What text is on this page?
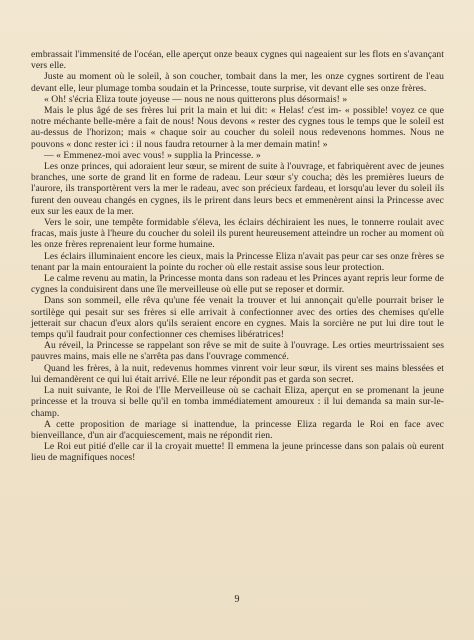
embrassait l'immensité de l'océan, elle aperçut onze beaux cygnes qui nageaient sur les flots en s'avançant vers elle.

Juste au moment où le soleil, à son coucher, tombait dans la mer, les onze cygnes sortirent de l'eau devant elle, leur plumage tomba soudain et la Princesse, toute surprise, vit devant elle ses onze frères.

« Oh! s'écria Eliza toute joyeuse — nous ne nous quitterons plus désormais! »

Mais le plus âgé de ses frères lui prit la main et lui dit: « Helas! c'est im- « possible! voyez ce que notre méchante belle-mère a fait de nous! Nous devons « rester des cygnes tous le temps que le soleil est au-dessus de l'horizon; mais « chaque soir au coucher du soleil nous redevenons hommes. Nous ne pouvons « donc rester ici : il nous faudra retourner à la mer demain matin! »

— « Emmenez-moi avec vous! » supplia la Princesse. »

Les onze princes, qui adoraient leur sœur, se mirent de suite à l'ouvrage, et fabriquèrent avec de jeunes branches, une sorte de grand lit en forme de radeau. Leur sœur s'y coucha; dès les premières lueurs de l'aurore, ils transportèrent vers la mer le radeau, avec son précieux fardeau, et lorsqu'au lever du soleil ils furent den ouveau changés en cygnes, ils le prirent dans leurs becs et emmenèrent ainsi la Princesse avec eux sur les eaux de la mer.

Vers le soir, une tempête formidable s'éleva, les éclairs déchiraient les nues, le tonnerre roulait avec fracas, mais juste à l'heure du coucher du soleil ils purent heureusement atteindre un rocher au moment où les onze frères reprenaient leur forme humaine.

Les éclairs illuminaient encore les cieux, mais la Princesse Eliza n'avait pas peur car ses onze frères se tenant par la main entouraient la pointe du rocher où elle restait assise sous leur protection.

Le calme revenu au matin, la Princesse monta dans son radeau et les Princes ayant repris leur forme de cygnes la conduisirent dans une île merveilleuse où elle put se reposer et dormir.

Dans son sommeil, elle rêva qu'une fée venait la trouver et lui annonçait qu'elle pourrait briser le sortilège qui pesait sur ses frères si elle arrivait à confectionner avec des orties des chemises qu'elle jetterait sur chacun d'eux alors qu'ils seraient encore en cygnes. Mais la sorcière ne put lui dire tout le temps qu'il faudrait pour confectionner ces chemises libératrices!

Au réveil, la Princesse se rappelant son rêve se mit de suite à l'ouvrage. Les orties meurtrissaient ses pauvres mains, mais elle ne s'arrêta pas dans l'ouvrage commencé.

Quand les frères, à la nuit, redevenus hommes vinrent voir leur sœur, ils virent ses mains blessées et lui demandèrent ce qui lui était arrivé. Elle ne leur répondit pas et garda son secret.

La nuit suivante, le Roi de l'Ile Merveilleuse où se cachait Eliza, aperçut en se promenant la jeune princesse et la trouva si belle qu'il en tomba immédiatement amoureux : il lui demanda sa main sur-le-champ.

A cette proposition de mariage si inattendue, la princesse Eliza regarda le Roi en face avec bienveillance, d'un air d'acquiescement, mais ne répondit rien.

Le Roi eut pitié d'elle car il la croyait muette! Il emmena la jeune princesse dans son palais où eurent lieu de magnifiques noces!

9
